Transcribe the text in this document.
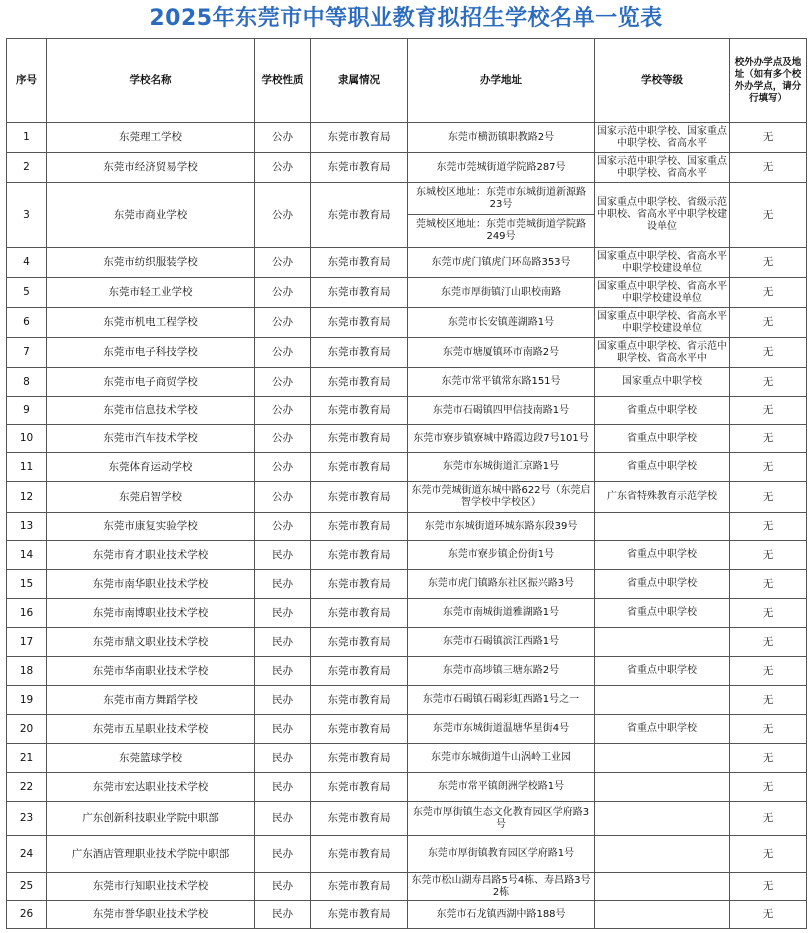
2025年东莞市中等职业教育拟招生学校名单一览表
序号	学校名称	学校性质	隶属情况	办学地址	学校等级	校外办学点及地址（如有多个校外办学点，请分行填写）
1	东莞理工学校	公办	东莞市教育局	东莞市横沥镇职教路2号	国家示范中职学校、国家重点中职学校、省高水平	无
2	东莞市经济贸易学校	公办	东莞市教育局	东莞市莞城街道学院路287号	国家示范中职学校、国家重点中职学校、省高水平	无
3	东莞市商业学校	公办	东莞市教育局	东城校区地址：东莞市东城街道新源路23号
莞城校区地址：东莞市莞城街道学院路249号	国家重点中职学校、省级示范中职校、省高水平中职学校建设单位	无
4	东莞市纺织服装学校	公办	东莞市教育局	东莞市虎门镇虎门环岛路353号	国家重点中职学校、省高水平中职学校建设单位	无
5	东莞市轻工业学校	公办	东莞市教育局	东莞市厚街镇汀山职校南路	国家重点中职学校、省高水平中职学校建设单位	无
6	东莞市机电工程学校	公办	东莞市教育局	东莞市长安镇莲湖路1号	国家重点中职学校、省高水平中职学校建设单位	无
7	东莞市电子科技学校	公办	东莞市教育局	东莞市塘厦镇环市南路2号	国家重点中职学校、省示范中职学校、省高水平中	无
8	东莞市电子商贸学校	公办	东莞市教育局	东莞市常平镇常东路151号	国家重点中职学校	无
9	东莞市信息技术学校	公办	东莞市教育局	东莞市石碣镇四甲信技南路1号	省重点中职学校	无
10	东莞市汽车技术学校	公办	东莞市教育局	东莞市寮步镇寮城中路霞边段7号101号	省重点中职学校	无
11	东莞体育运动学校	公办	东莞市教育局	东莞市东城街道汇京路1号	省重点中职学校	无
12	东莞启智学校	公办	东莞市教育局	东莞市莞城街道东城中路622号（东莞启智学校中学校区）	广东省特殊教育示范学校	无
13	东莞市康复实验学校	公办	东莞市教育局	东莞市东城街道环城东路东段39号		无
14	东莞市育才职业技术学校	民办	东莞市教育局	东莞市寮步镇企份街1号	省重点中职学校	无
15	东莞市南华职业技术学校	民办	东莞市教育局	东莞市虎门镇路东社区振兴路3号	省重点中职学校	无
16	东莞市南博职业技术学校	民办	东莞市教育局	东莞市南城街道雅湖路1号	省重点中职学校	无
17	东莞市鼎文职业技术学校	民办	东莞市教育局	东莞市石碣镇滨江西路1号		无
18	东莞市华南职业技术学校	民办	东莞市教育局	东莞市高埗镇三塘东路2号	省重点中职学校	无
19	东莞市南方舞蹈学校	民办	东莞市教育局	东莞市石碣镇石碣彩虹西路1号之一		无
20	东莞市五星职业技术学校	民办	东莞市教育局	东莞市东城街道温塘华星街4号	省重点中职学校	无
21	东莞篮球学校	民办	东莞市教育局	东莞市东城街道牛山涡岭工业园		无
22	东莞市宏达职业技术学校	民办	东莞市教育局	东莞市常平镇朗洲学校路1号		无
23	广东创新科技职业学院中职部	民办	东莞市教育局	东莞市厚街镇生态文化教育园区学府路3号		无
24	广东酒店管理职业技术学院中职部	民办	东莞市教育局	东莞市厚街镇教育园区学府路1号		无
25	东莞市行知职业技术学校	民办	东莞市教育局	东莞市松山湖寿昌路5号4栋、寿昌路3号2栋		无
26	东莞市誉华职业技术学校	民办	东莞市教育局	东莞市石龙镇西湖中路188号		无
